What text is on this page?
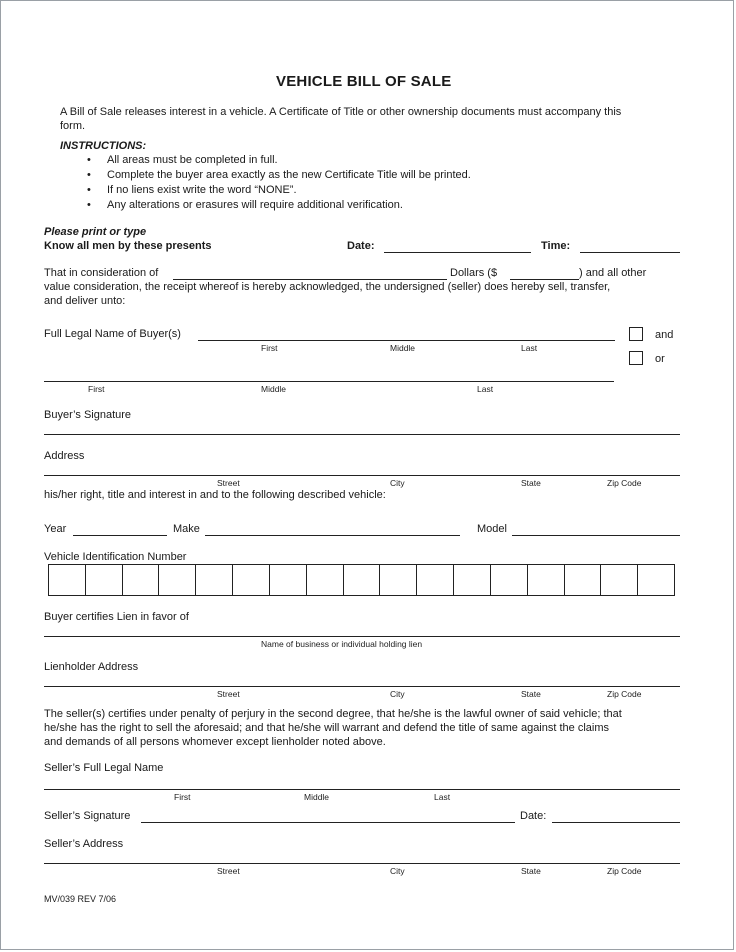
VEHICLE BILL OF SALE
A Bill of Sale releases interest in a vehicle. A Certificate of Title or other ownership documents must accompany this
form.
INSTRUCTIONS:
• All areas must be completed in full.
• Complete the buyer area exactly as the new Certificate Title will be printed.
• If no liens exist write the word “NONE”.
• Any alterations or erasures will require additional verification.
Please print or type
Know all men by these presents	Date:	Time:
That in consideration of	Dollars ($	) and all other
value consideration, the receipt whereof is hereby acknowledged, the undersigned (seller) does hereby sell, transfer,
and deliver unto:
Full Legal Name of Buyer(s)
First	Middle	Last
and
or
First	Middle	Last
Buyer’s Signature
Address
Street	City	State	Zip Code
his/her right, title and interest in and to the following described vehicle:
Year	Make	Model
Vehicle Identification Number
Buyer certifies Lien in favor of
Name of business or individual holding lien
Lienholder Address
Street	City	State	Zip Code
The seller(s) certifies under penalty of perjury in the second degree, that he/she is the lawful owner of said vehicle; that
he/she has the right to sell the aforesaid; and that he/she will warrant and defend the title of same against the claims
and demands of all persons whomever except lienholder noted above.
Seller’s Full Legal Name
First	Middle	Last
Seller’s Signature	Date:
Seller’s Address
Street	City	State	Zip Code
MV/039 REV 7/06
